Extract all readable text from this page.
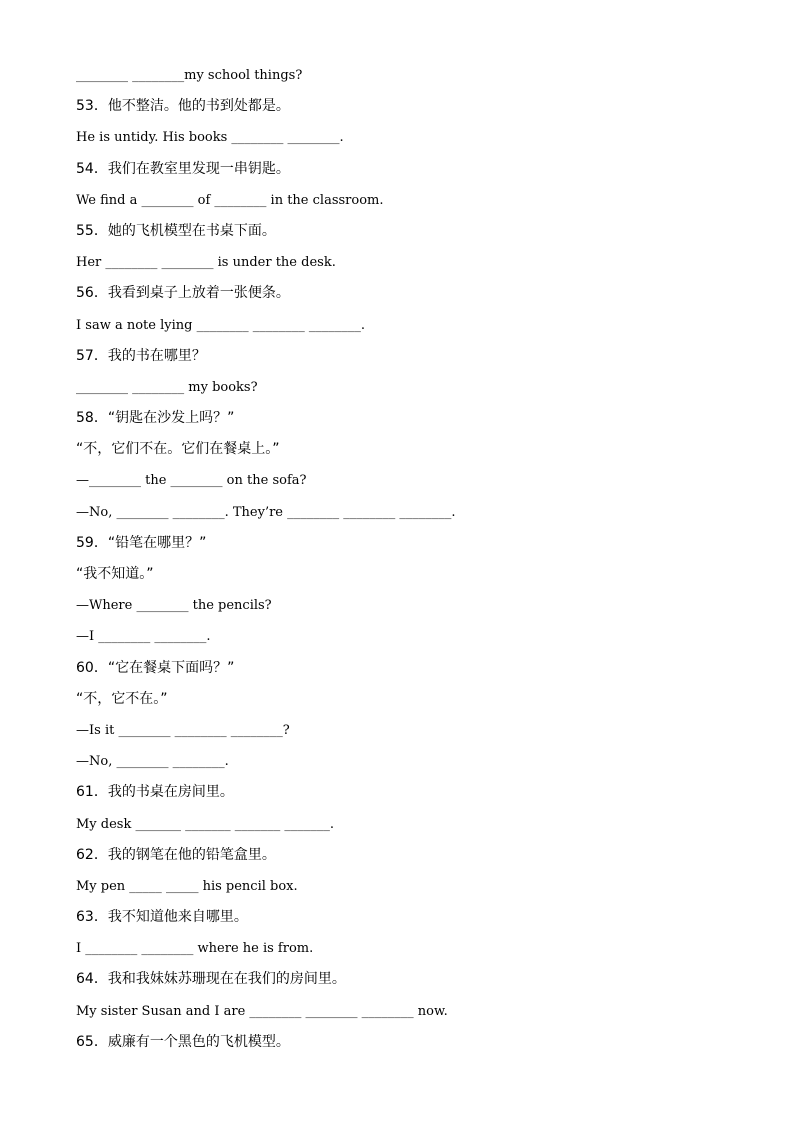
________ ________my school things?
53．他不整洁。他的书到处都是。
He is untidy. His books ________ ________.
54．我们在教室里发现一串钥匙。
We find a ________ of ________ in the classroom.
55．她的飞机模型在书桌下面。
Her ________ ________ is under the desk.
56．我看到桌子上放着一张便条。
I saw a note lying ________ ________ ________.
57．我的书在哪里？
________ ________ my books?
58．“钥匙在沙发上吗？”
“不，它们不在。它们在餐桌上。”
—________ the ________ on the sofa?
—No, ________ ________. They’re ________ ________ ________.
59．“铅笔在哪里？”
“我不知道。”
—Where ________ the pencils?
—I ________ ________.
60．“它在餐桌下面吗？”
“不，它不在。”
—Is it ________ ________ ________?
—No, ________ ________.
61．我的书桌在房间里。
My desk _______ _______ _______ _______.
62．我的钢笔在他的铅笔盒里。
My pen _____ _____ his pencil box.
63．我不知道他来自哪里。
I ________ ________ where he is from.
64．我和我妹妹苏珊现在在我们的房间里。
My sister Susan and I are ________ ________ ________ now.
65．威廉有一个黑色的飞机模型。
